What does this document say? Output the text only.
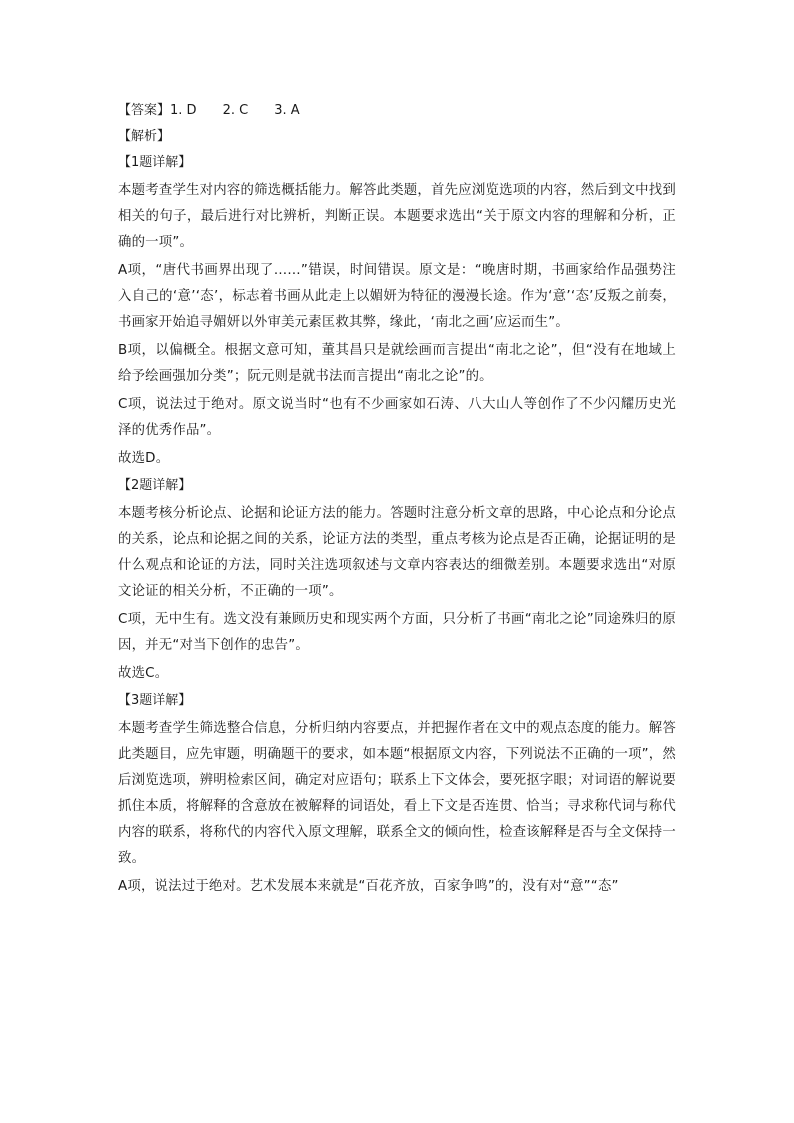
【答案】1. D 2. C 3. A
【解析】
【1题详解】

本题考查学生对内容的筛选概括能力。解答此类题，首先应浏览选项的内容，然后到文中找到相关的句子，最后进行对比辨析，判断正误。本题要求选出“关于原文内容的理解和分析，正确的一项”。

A项，“唐代书画界出现了……”错误，时间错误。原文是：“晚唐时期，书画家给作品强势注入自己的‘意’‘态’，标志着书画从此走上以媚妍为特征的漫漫长途。作为‘意’‘态’反叛之前奏，书画家开始追寻媚妍以外审美元素匡救其弊，缘此，‘南北之画’应运而生”。

B项，以偏概全。根据文意可知，董其昌只是就绘画而言提出“南北之论”，但“没有在地域上给予绘画强加分类”；阮元则是就书法而言提出“南北之论”的。

C项，说法过于绝对。原文说当时“也有不少画家如石涛、八大山人等创作了不少闪耀历史光泽的优秀作品”。

故选D。

【2题详解】

本题考核分析论点、论据和论证方法的能力。答题时注意分析文章的思路，中心论点和分论点的关系，论点和论据之间的关系，论证方法的类型，重点考核为论点是否正确，论据证明的是什么观点和论证的方法，同时关注选项叙述与文章内容表达的细微差别。本题要求选出“对原文论证的相关分析，不正确的一项”。

C项，无中生有。选文没有兼顾历史和现实两个方面，只分析了书画“南北之论”同途殊归的原因，并无“对当下创作的忠告”。

故选C。

【3题详解】

本题考查学生筛选整合信息，分析归纳内容要点，并把握作者在文中的观点态度的能力。解答此类题目，应先审题，明确题干的要求，如本题“根据原文内容，下列说法不正确的一项”，然后浏览选项，辨明检索区间，确定对应语句；联系上下文体会，要死抠字眼；对词语的解说要抓住本质，将解释的含意放在被解释的词语处，看上下文是否连贯、恰当；寻求称代词与称代内容的联系，将称代的内容代入原文理解，联系全文的倾向性，检查该解释是否与全文保持一致。

A项，说法过于绝对。艺术发展本来就是“百花齐放，百家争鸣”的，没有对“意”“态”
